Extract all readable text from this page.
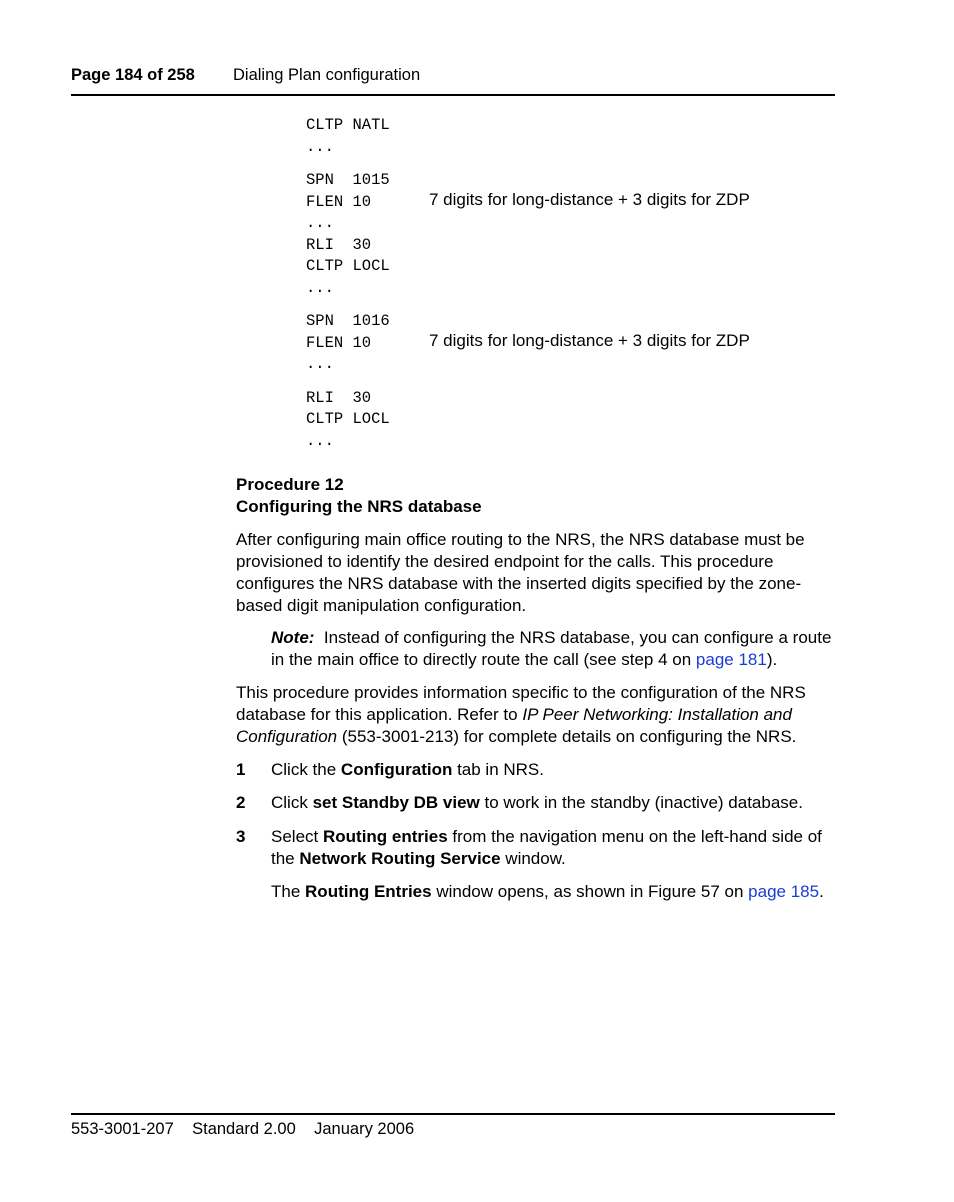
Page 184 of 258 Dialing Plan configuration
CLTP NATL
...
SPN  1015
FLEN 10
...
RLI  30
CLTP LOCL
...
SPN  1016
FLEN 10
...
RLI  30
CLTP LOCL
...
7 digits for long-distance + 3 digits for ZDP
7 digits for long-distance + 3 digits for ZDP
Procedure 12
Configuring the NRS database
After configuring main office routing to the NRS, the NRS database must be provisioned to identify the desired endpoint for the calls. This procedure configures the NRS database with the inserted digits specified by the zone-based digit manipulation configuration.
Note: Instead of configuring the NRS database, you can configure a route in the main office to directly route the call (see step 4 on page 181).
This procedure provides information specific to the configuration of the NRS database for this application. Refer to IP Peer Networking: Installation and Configuration (553-3001-213) for complete details on configuring the NRS.
1 Click the Configuration tab in NRS.
2 Click set Standby DB view to work in the standby (inactive) database.
3 Select Routing entries from the navigation menu on the left-hand side of the Network Routing Service window.
The Routing Entries window opens, as shown in Figure 57 on page 185.
553-3001-207 Standard 2.00 January 2006
